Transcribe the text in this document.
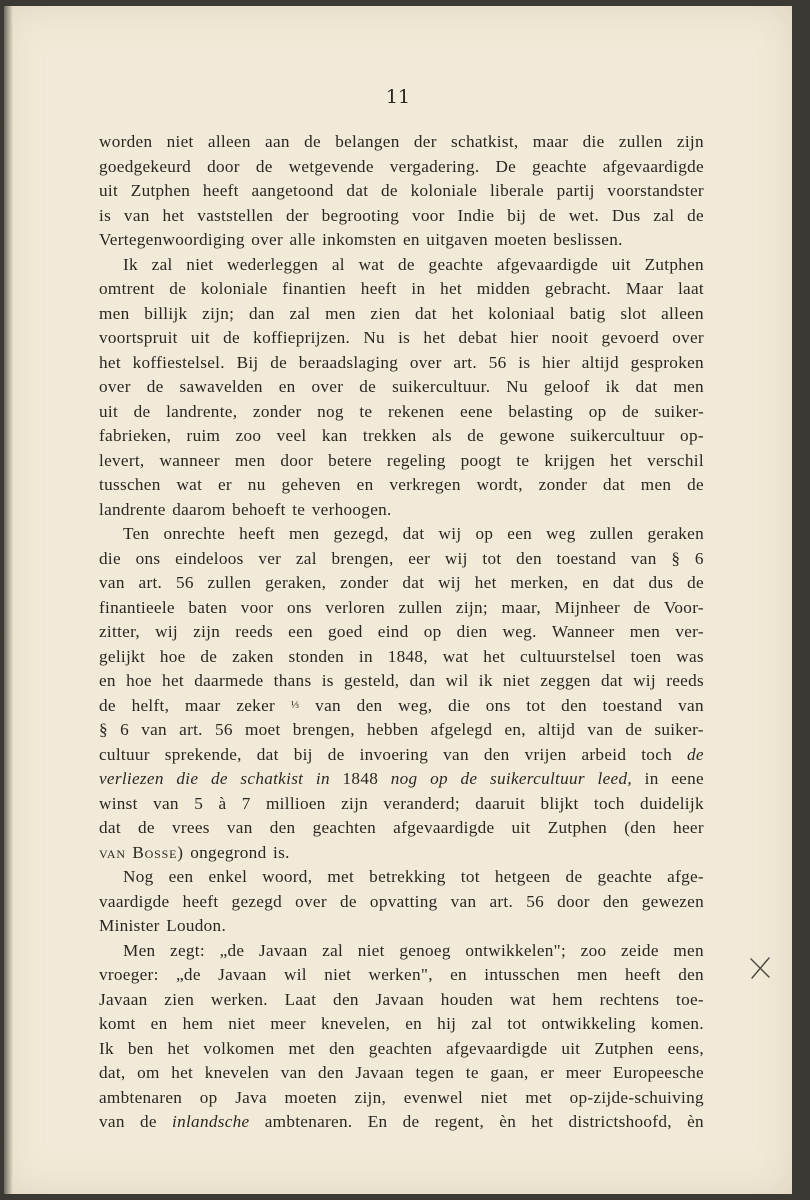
11
worden niet alleen aan de belangen der schatkist, maar die zullen zijn
goedgekeurd door de wetgevende vergadering. De geachte afgevaardigde
uit Zutphen heeft aangetoond dat de koloniale liberale partij voorstandster
is van het vaststellen der begrooting voor Indie bij de wet. Dus zal de
Vertegenwoordiging over alle inkomsten en uitgaven moeten beslissen.
Ik zal niet wederleggen al wat de geachte afgevaardigde uit Zutphen
omtrent de koloniale finantien heeft in het midden gebracht. Maar laat
men billijk zijn; dan zal men zien dat het koloniaal batig slot alleen
voortspruit uit de koffieprijzen. Nu is het debat hier nooit gevoerd over
het koffiestelsel. Bij de beraadslaging over art. 56 is hier altijd gesproken
over de sawavelden en over de suikercultuur. Nu geloof ik dat men
uit de landrente, zonder nog te rekenen eene belasting op de suiker-
fabrieken, ruim zoo veel kan trekken als de gewone suikercultuur op-
levert, wanneer men door betere regeling poogt te krijgen het verschil
tusschen wat er nu geheven en verkregen wordt, zonder dat men de
landrente daarom behoeft te verhoogen.
Ten onrechte heeft men gezegd, dat wij op een weg zullen geraken
die ons eindeloos ver zal brengen, eer wij tot den toestand van § 6
van art. 56 zullen geraken, zonder dat wij het merken, en dat dus de
finantieele baten voor ons verloren zullen zijn; maar, Mijnheer de Voor-
zitter, wij zijn reeds een goed eind op dien weg. Wanneer men ver-
gelijkt hoe de zaken stonden in 1848, wat het cultuurstelsel toen was
en hoe het daarmede thans is gesteld, dan wil ik niet zeggen dat wij reeds
de helft, maar zeker ⅓ van den weg, die ons tot den toestand van
§ 6 van art. 56 moet brengen, hebben afgelegd en, altijd van de suiker-
cultuur sprekende, dat bij de invoering van den vrijen arbeid toch de
verliezen die de schatkist in 1848 nog op de suikercultuur leed, in eene
winst van 5 à 7 millioen zijn veranderd; daaruit blijkt toch duidelijk
dat de vrees van den geachten afgevaardigde uit Zutphen (den heer
van Bosse) ongegrond is.
Nog een enkel woord, met betrekking tot hetgeen de geachte afge-
vaardigde heeft gezegd over de opvatting van art. 56 door den gewezen
Minister Loudon.
Men zegt: „de Javaan zal niet genoeg ontwikkelen"; zoo zeide men
vroeger: „de Javaan wil niet werken", en intusschen men heeft den
Javaan zien werken. Laat den Javaan houden wat hem rechtens toe-
komt en hem niet meer knevelen, en hij zal tot ontwikkeling komen.
Ik ben het volkomen met den geachten afgevaardigde uit Zutphen eens,
dat, om het knevelen van den Javaan tegen te gaan, er meer Europeesche
ambtenaren op Java moeten zijn, evenwel niet met op-zijde-schuiving
van de inlandsche ambtenaren. En de regent, èn het districtshoofd, èn
